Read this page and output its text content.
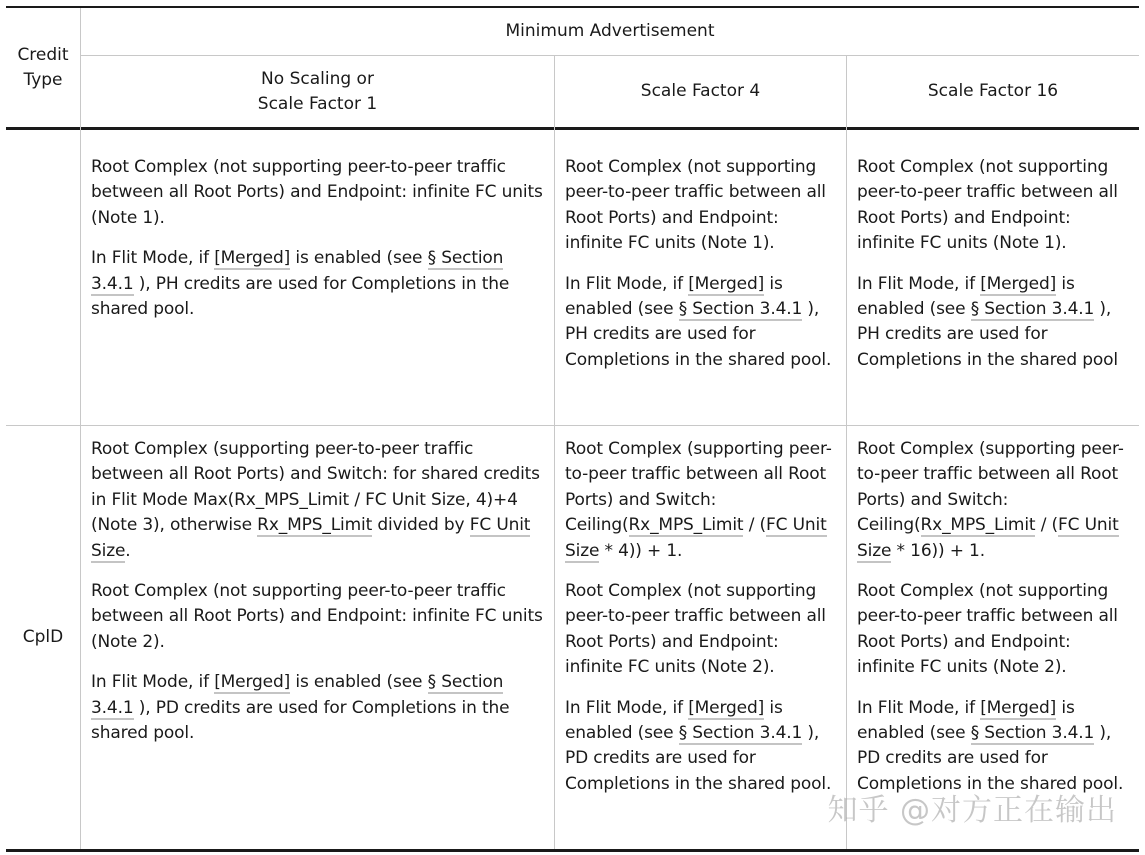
Credit
Type
Minimum Advertisement
No Scaling or
Scale Factor 1
Scale Factor 4	Scale Factor 16

Root Complex (not supporting peer-to-peer traffic between all Root Ports) and Endpoint: infinite FC units (Note 1).

In Flit Mode, if [Merged] is enabled (see § Section 3.4.1 ), PH credits are used for Completions in the shared pool.

Root Complex (not supporting peer-to-peer traffic between all Root Ports) and Endpoint: infinite FC units (Note 1).

In Flit Mode, if [Merged] is enabled (see § Section 3.4.1 ), PH credits are used for Completions in the shared pool.

Root Complex (not supporting peer-to-peer traffic between all Root Ports) and Endpoint: infinite FC units (Note 1).

In Flit Mode, if [Merged] is enabled (see § Section 3.4.1 ), PH credits are used for Completions in the shared pool

CplD

Root Complex (supporting peer-to-peer traffic between all Root Ports) and Switch: for shared credits in Flit Mode Max(Rx_MPS_Limit / FC Unit Size, 4)+4 (Note 3), otherwise Rx_MPS_Limit divided by FC Unit Size.

Root Complex (not supporting peer-to-peer traffic between all Root Ports) and Endpoint: infinite FC units (Note 2).

In Flit Mode, if [Merged] is enabled (see § Section 3.4.1 ), PD credits are used for Completions in the shared pool.

Root Complex (supporting peer-to-peer traffic between all Root Ports) and Switch: Ceiling(Rx_MPS_Limit / (FC Unit Size * 4)) + 1.

Root Complex (not supporting peer-to-peer traffic between all Root Ports) and Endpoint: infinite FC units (Note 2).

In Flit Mode, if [Merged] is enabled (see § Section 3.4.1 ), PD credits are used for Completions in the shared pool.

Root Complex (supporting peer-to-peer traffic between all Root Ports) and Switch: Ceiling(Rx_MPS_Limit / (FC Unit Size * 16)) + 1.

Root Complex (not supporting peer-to-peer traffic between all Root Ports) and Endpoint: infinite FC units (Note 2).

In Flit Mode, if [Merged] is enabled (see § Section 3.4.1 ), PD credits are used for Completions in the shared pool.

知乎 @对方正在输出
